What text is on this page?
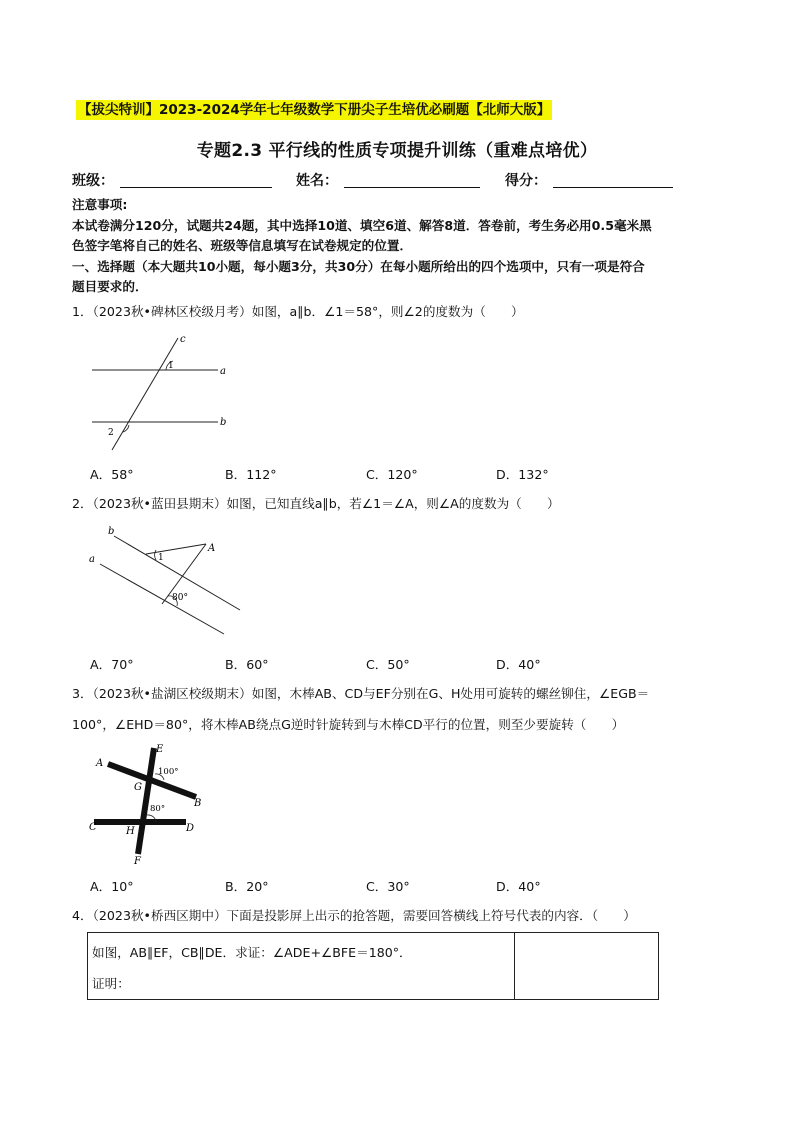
【拔尖特训】2023-2024学年七年级数学下册尖子生培优必刷题【北师大版】
专题2.3 平行线的性质专项提升训练（重难点培优）
班级：	姓名：	得分：
注意事项:
本试卷满分120分，试题共24题，其中选择10道、填空6道、解答8道．答卷前，考生务必用0.5毫米黑
色签字笔将自己的姓名、班级等信息填写在试卷规定的位置．
一、选择题（本大题共10小题，每小题3分，共30分）在每小题所给出的四个选项中，只有一项是符合
题目要求的．
1．（2023秋•碑林区校级月考）如图，a∥b．∠1＝58°，则∠2的度数为（　　）
c
a
b
1
2
A．58°	B．112°	C．120°	D．132°
2．（2023秋•蓝田县期末）如图，已知直线a∥b，若∠1＝∠A，则∠A的度数为（　　）
b
a
A
1
80°
A．70°	B．60°	C．50°	D．40°
3．（2023秋•盐湖区校级期末）如图，木棒AB、CD与EF分别在G、H处用可旋转的螺丝铆住，∠EGB＝
100°，∠EHD＝80°，将木棒AB绕点G逆时针旋转到与木棒CD平行的位置，则至少要旋转（　　）
A
B
C	D
E
F
G
H
100°
80°
A．10°	B．20°	C．30°	D．40°
4．（2023秋•桥西区期中）下面是投影屏上出示的抢答题，需要回答横线上符号代表的内容．（　　）
如图，AB∥EF，CB∥DE．求证：∠ADE+∠BFE＝180°．
证明：
